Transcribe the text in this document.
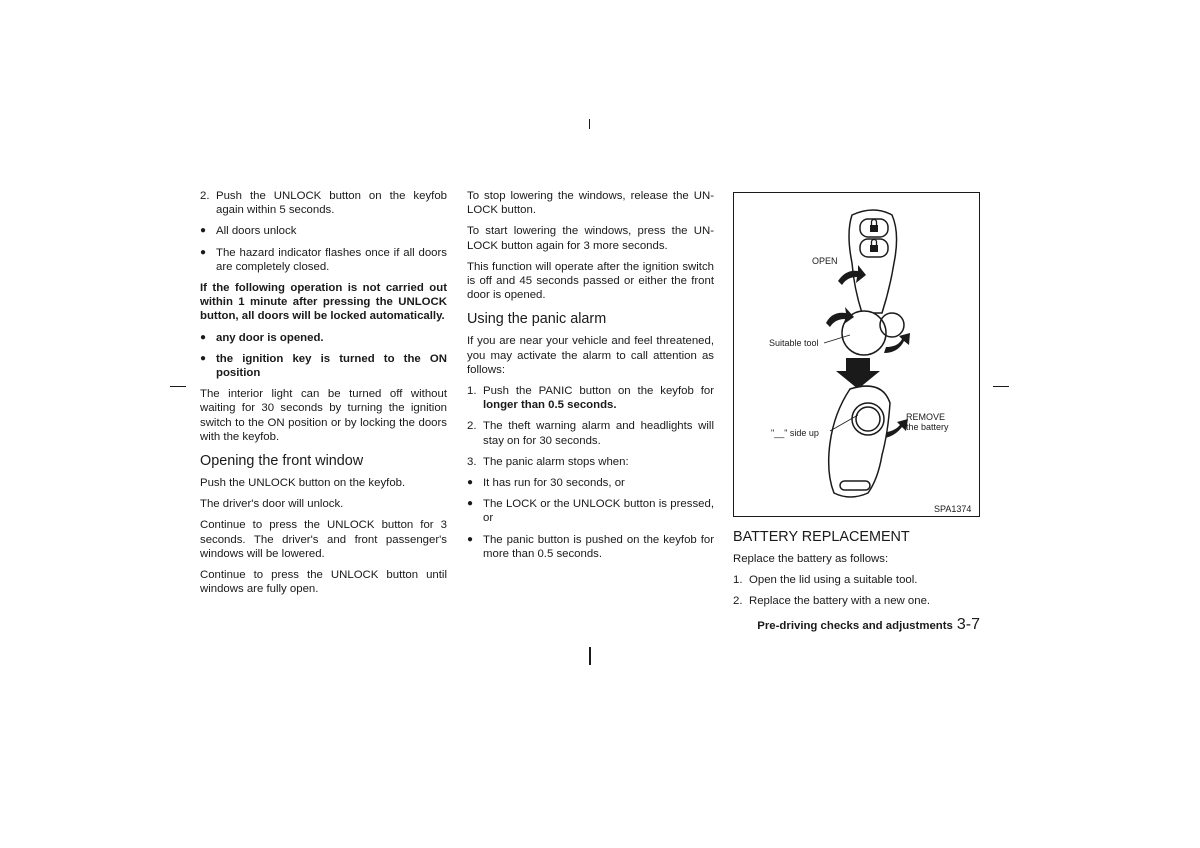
2. Push the UNLOCK button on the keyfob again within 5 seconds.
● All doors unlock
● The hazard indicator flashes once if all doors are completely closed.

If the following operation is not carried out within 1 minute after pressing the UNLOCK button, all doors will be locked automatically.

● any door is opened.
● the ignition key is turned to the ON position

The interior light can be turned off without waiting for 30 seconds by turning the ignition switch to the ON position or by locking the doors with the keyfob.

Opening the front window

Push the UNLOCK button on the keyfob.

The driver's door will unlock.

Continue to press the UNLOCK button for 3 seconds. The driver's and front passenger's windows will be lowered.

Continue to press the UNLOCK button until windows are fully open.

To stop lowering the windows, release the UN-LOCK button.

To start lowering the windows, press the UN-LOCK button again for 3 more seconds.

This function will operate after the ignition switch is off and 45 seconds passed or either the front door is opened.

Using the panic alarm

If you are near your vehicle and feel threatened, you may activate the alarm to call attention as follows:

1. Push the PANIC button on the keyfob for longer than 0.5 seconds.
2. The theft warning alarm and headlights will stay on for 30 seconds.
3. The panic alarm stops when:
● It has run for 30 seconds, or
● The LOCK or the UNLOCK button is pressed, or
● The panic button is pushed on the keyfob for more than 0.5 seconds.
OPEN
Suitable tool
"__" side up
REMOVE
the battery
SPA1374
BATTERY REPLACEMENT

Replace the battery as follows:

1. Open the lid using a suitable tool.
2. Replace the battery with a new one.
Pre-driving checks and adjustments 3-7
